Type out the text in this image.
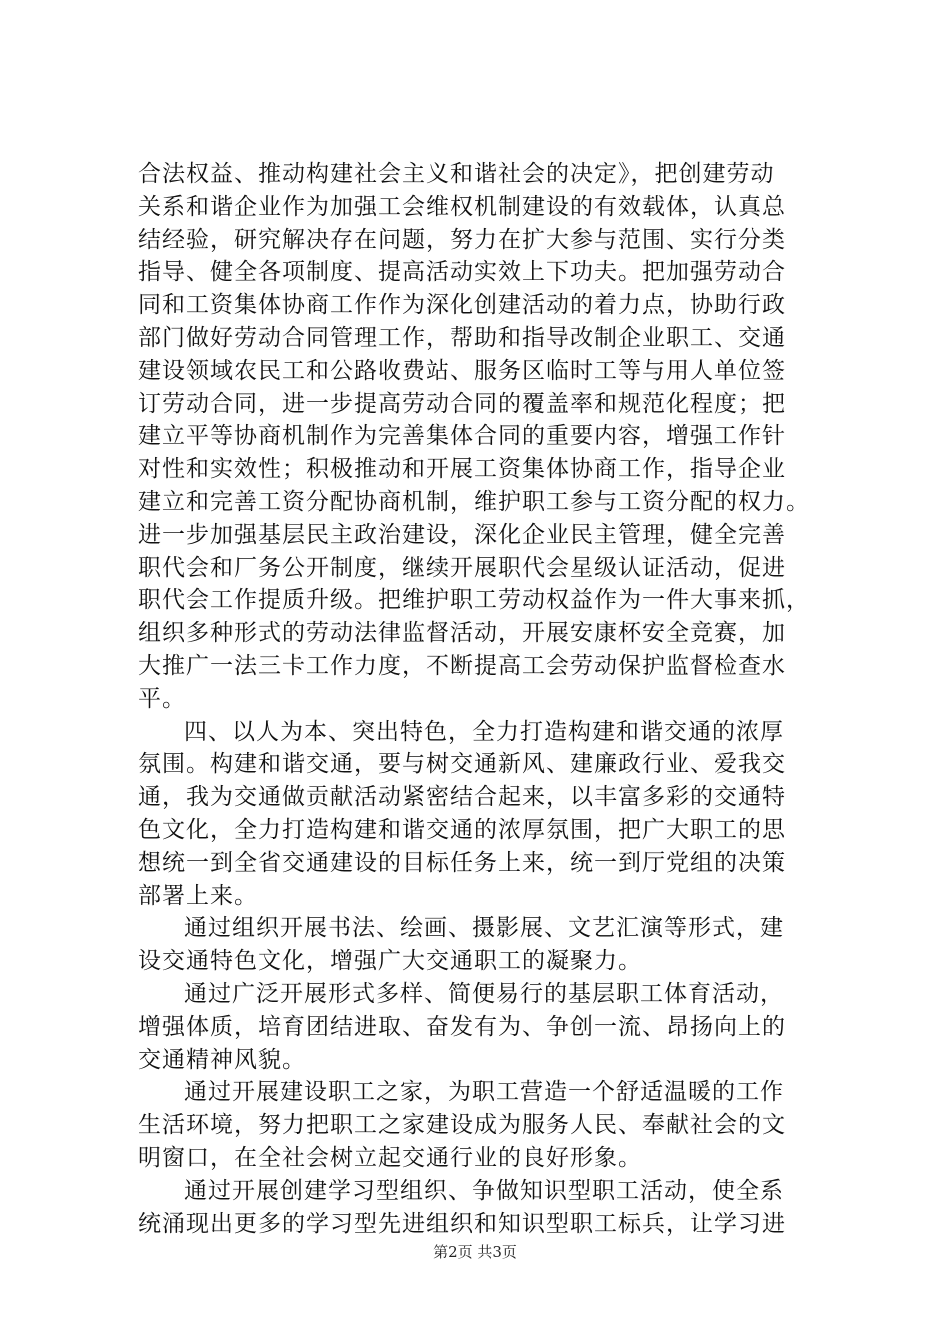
合法权益、推动构建社会主义和谐社会的决定》，把创建劳动
关系和谐企业作为加强工会维权机制建设的有效载体，认真总
结经验，研究解决存在问题，努力在扩大参与范围、实行分类
指导、健全各项制度、提高活动实效上下功夫。把加强劳动合
同和工资集体协商工作作为深化创建活动的着力点，协助行政
部门做好劳动合同管理工作，帮助和指导改制企业职工、交通
建设领域农民工和公路收费站、服务区临时工等与用人单位签
订劳动合同，进一步提高劳动合同的覆盖率和规范化程度；把
建立平等协商机制作为完善集体合同的重要内容，增强工作针
对性和实效性；积极推动和开展工资集体协商工作，指导企业
建立和完善工资分配协商机制，维护职工参与工资分配的权力。
进一步加强基层民主政治建设，深化企业民主管理，健全完善
职代会和厂务公开制度，继续开展职代会星级认证活动，促进
职代会工作提质升级。把维护职工劳动权益作为一件大事来抓，
组织多种形式的劳动法律监督活动，开展安康杯安全竞赛，加
大推广一法三卡工作力度，不断提高工会劳动保护监督检查水
平。
四、以人为本、突出特色，全力打造构建和谐交通的浓厚
氛围。构建和谐交通，要与树交通新风、建廉政行业、爱我交
通，我为交通做贡献活动紧密结合起来，以丰富多彩的交通特
色文化，全力打造构建和谐交通的浓厚氛围，把广大职工的思
想统一到全省交通建设的目标任务上来，统一到厅党组的决策
部署上来。
通过组织开展书法、绘画、摄影展、文艺汇演等形式，建
设交通特色文化，增强广大交通职工的凝聚力。
通过广泛开展形式多样、简便易行的基层职工体育活动，
增强体质，培育团结进取、奋发有为、争创一流、昂扬向上的
交通精神风貌。
通过开展建设职工之家，为职工营造一个舒适温暖的工作
生活环境，努力把职工之家建设成为服务人民、奉献社会的文
明窗口，在全社会树立起交通行业的良好形象。
通过开展创建学习型组织、争做知识型职工活动，使全系
统涌现出更多的学习型先进组织和知识型职工标兵，让学习进
第2页 共3页
